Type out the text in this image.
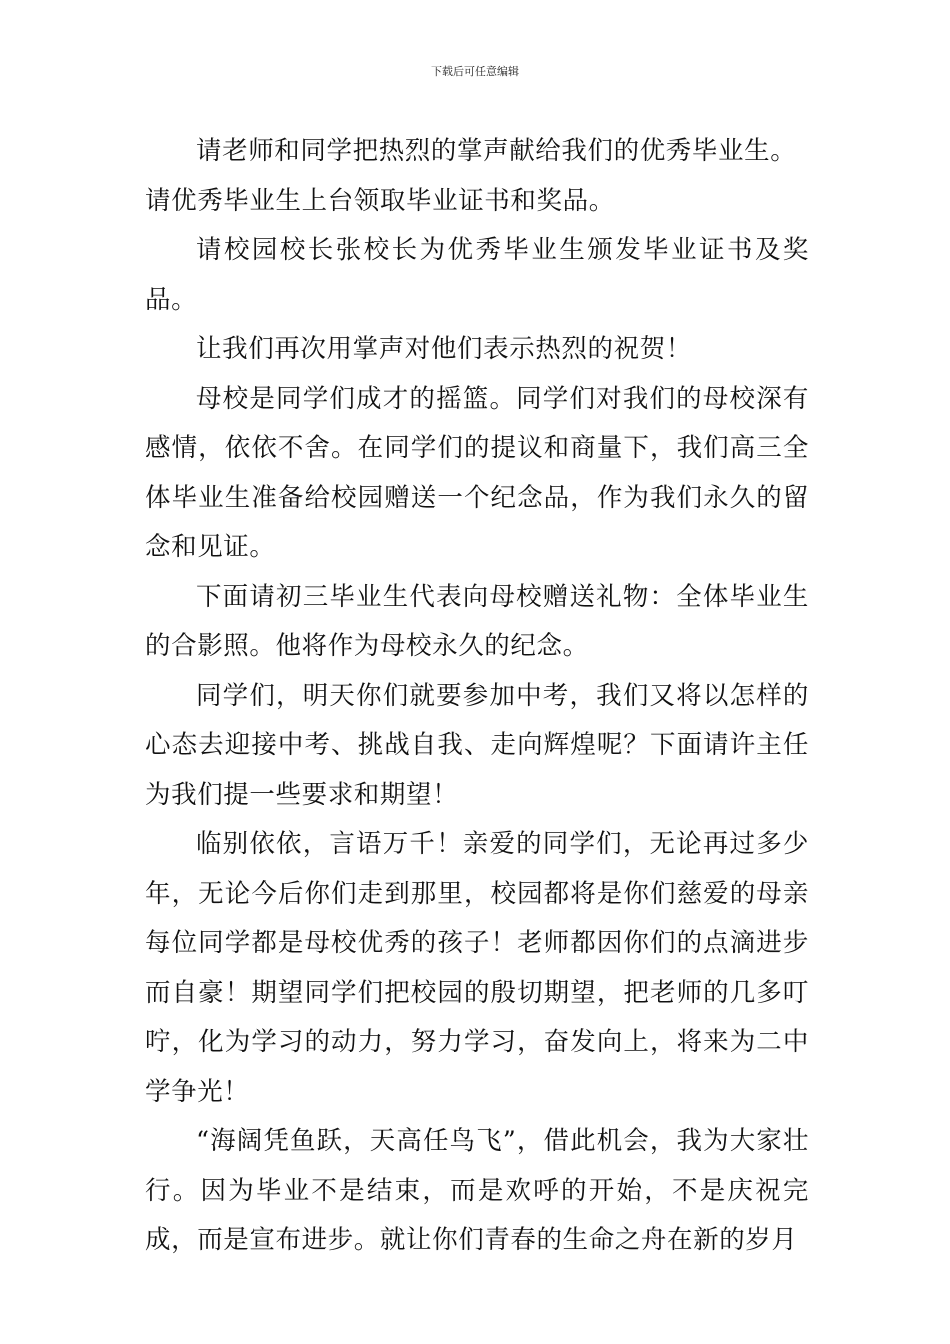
下载后可任意编辑

请老师和同学把热烈的掌声献给我们的优秀毕业生。

请优秀毕业生上台领取毕业证书和奖品。

请校园校长张校长为优秀毕业生颁发毕业证书及奖品。

让我们再次用掌声对他们表示热烈的祝贺！

母校是同学们成才的摇篮。同学们对我们的母校深有感情，依依不舍。在同学们的提议和商量下，我们高三全体毕业生准备给校园赠送一个纪念品，作为我们永久的留念和见证。

下面请初三毕业生代表向母校赠送礼物：全体毕业生的合影照。他将作为母校永久的纪念。

同学们，明天你们就要参加中考，我们又将以怎样的心态去迎接中考、挑战自我、走向辉煌呢？下面请许主任为我们提一些要求和期望！

临别依依，言语万千！亲爱的同学们，无论再过多少年，无论今后你们走到那里，校园都将是你们慈爱的母亲每位同学都是母校优秀的孩子！老师都因你们的点滴进步而自豪！期望同学们把校园的殷切期望，把老师的几多叮咛，化为学习的动力，努力学习，奋发向上，将来为二中学争光！

“海阔凭鱼跃，天高任鸟飞”，借此机会，我为大家壮行。因为毕业不是结束，而是欢呼的开始，不是庆祝完成，而是宣布进步。就让你们青春的生命之舟在新的岁月
